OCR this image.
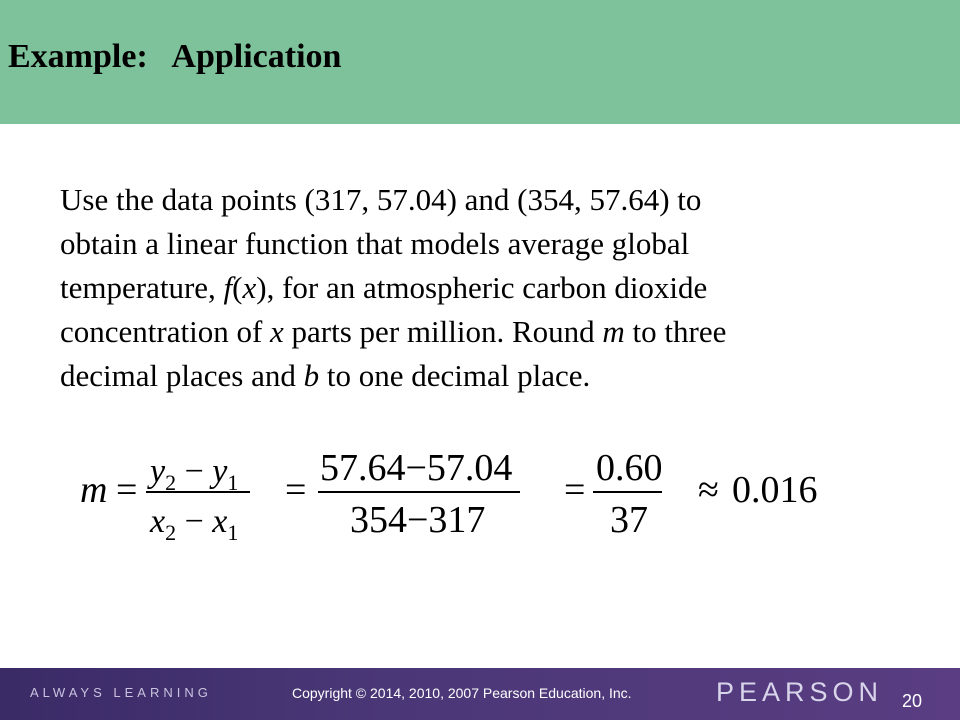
Example:   Application

Use the data points (317, 57.04) and (354, 57.64) to

obtain a linear function that models average global

temperature, f(x), for an atmospheric carbon dioxide

concentration of x parts per million. Round m to three

decimal places and b to one decimal place.

$m = y_2 - y_1$
$x_2 - x_1$
=
57.64−57.04
354−317
=
0.60
37
≈ 0.016
ALWAYS LEARNING	Copyright © 2014, 2010, 2007 Pearson Education, Inc.	PEARSON 20
